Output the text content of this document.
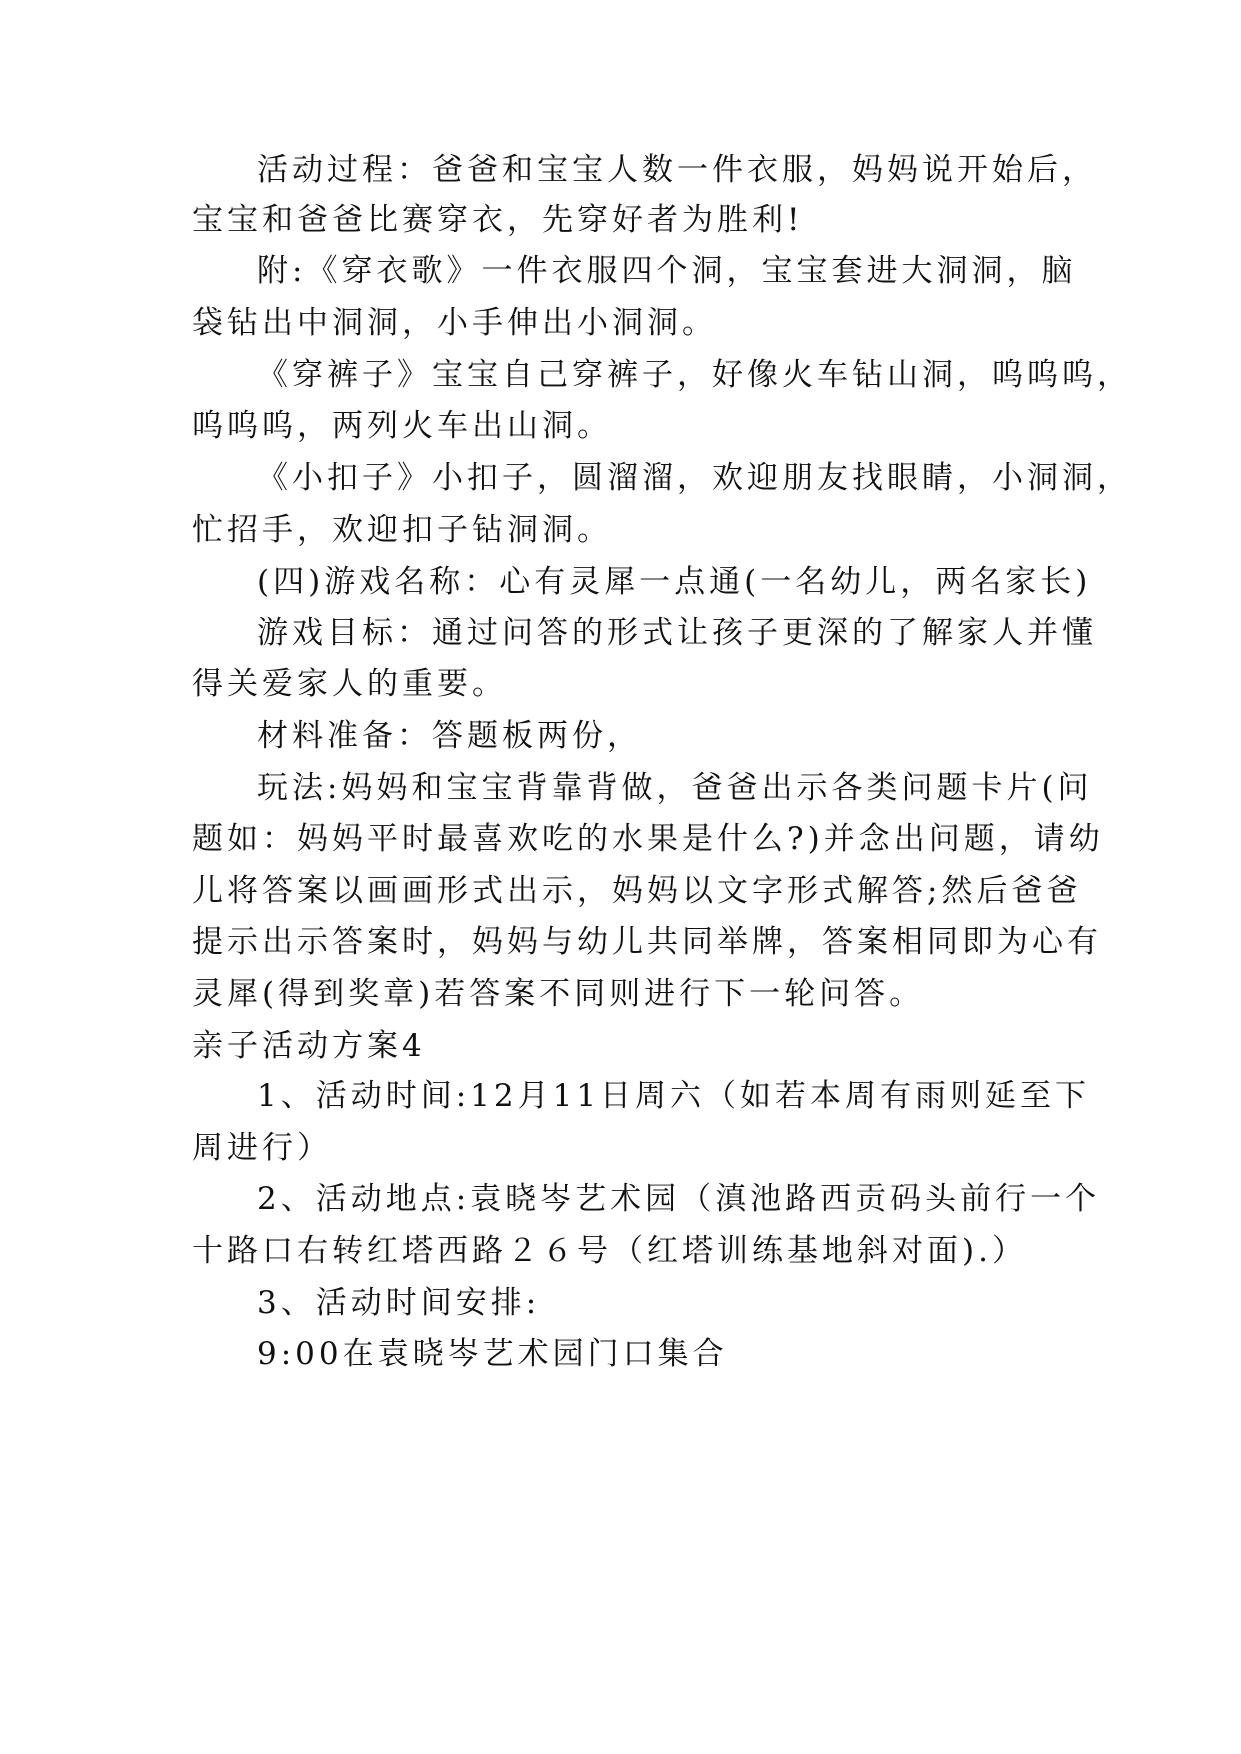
活动过程：爸爸和宝宝人数一件衣服，妈妈说开始后，
宝宝和爸爸比赛穿衣，先穿好者为胜利!
附:《穿衣歌》一件衣服四个洞，宝宝套进大洞洞，脑
袋钻出中洞洞，小手伸出小洞洞。
《穿裤子》宝宝自己穿裤子，好像火车钻山洞，呜呜呜，
呜呜呜，两列火车出山洞。
《小扣子》小扣子，圆溜溜，欢迎朋友找眼睛，小洞洞，
忙招手，欢迎扣子钻洞洞。
(四)游戏名称：心有灵犀一点通(一名幼儿，两名家长)
游戏目标：通过问答的形式让孩子更深的了解家人并懂
得关爱家人的重要。
材料准备：答题板两份，
玩法:妈妈和宝宝背靠背做，爸爸出示各类问题卡片(问
题如：妈妈平时最喜欢吃的水果是什么?)并念出问题，请幼
儿将答案以画画形式出示，妈妈以文字形式解答;然后爸爸
提示出示答案时，妈妈与幼儿共同举牌，答案相同即为心有
灵犀(得到奖章)若答案不同则进行下一轮问答。
亲子活动方案4
1、活动时间:12月11日周六（如若本周有雨则延至下
周进行）
2、活动地点:袁晓岑艺术园（滇池路西贡码头前行一个
十路口右转红塔西路２６号（红塔训练基地斜对面).）
3、活动时间安排:
9:00在袁晓岑艺术园门口集合
